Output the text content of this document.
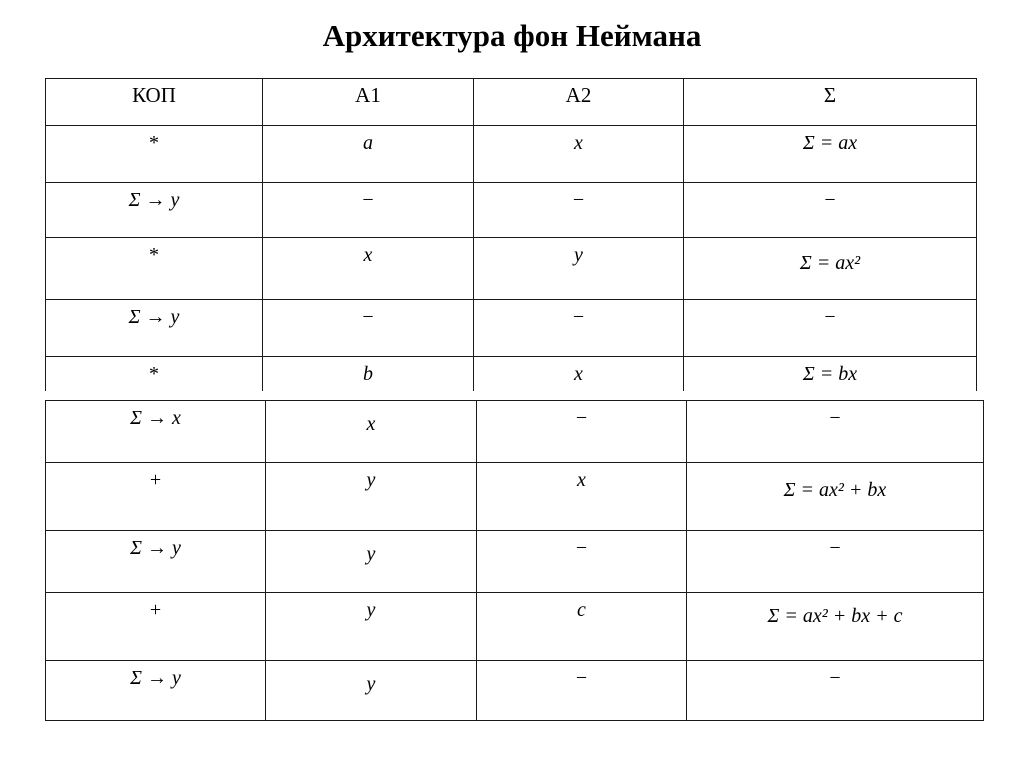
Архитектура фон Неймана
КОП	А1	А2	Σ
*	a	x	Σ = ax
Σ → y	−	−	−
*	x	y	Σ = ax²
Σ → y	−	−	−
*	b	x	Σ = bx
Σ → x	x	−	−
+	y	x	Σ = ax² + bx
Σ → y	y	−	−
+	y	c	Σ = ax² + bx + c
Σ → y	y	−	−
